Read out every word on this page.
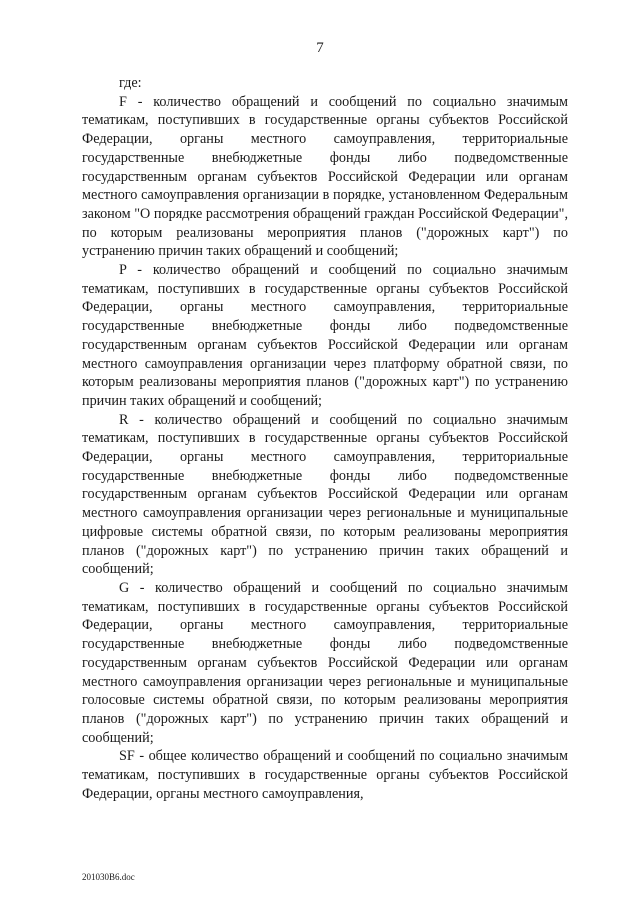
7

где:

F - количество обращений и сообщений по социально значимым тематикам, поступивших в государственные органы субъектов Российской Федерации, органы местного самоуправления, территориальные государственные внебюджетные фонды либо подведомственные государственным органам субъектов Российской Федерации или органам местного самоуправления организации в порядке, установленном Федеральным законом "О порядке рассмотрения обращений граждан Российской Федерации", по которым реализованы мероприятия планов ("дорожных карт") по устранению причин таких обращений и сообщений;

P - количество обращений и сообщений по социально значимым тематикам, поступивших в государственные органы субъектов Российской Федерации, органы местного самоуправления, территориальные государственные внебюджетные фонды либо подведомственные государственным органам субъектов Российской Федерации или органам местного самоуправления организации через платформу обратной связи, по которым реализованы мероприятия планов ("дорожных карт") по устранению причин таких обращений и сообщений;

R - количество обращений и сообщений по социально значимым тематикам, поступивших в государственные органы субъектов Российской Федерации, органы местного самоуправления, территориальные государственные внебюджетные фонды либо подведомственные государственным органам субъектов Российской Федерации или органам местного самоуправления организации через региональные и муниципальные цифровые системы обратной связи, по которым реализованы мероприятия планов ("дорожных карт") по устранению причин таких обращений и сообщений;

G - количество обращений и сообщений по социально значимым тематикам, поступивших в государственные органы субъектов Российской Федерации, органы местного самоуправления, территориальные государственные внебюджетные фонды либо подведомственные государственным органам субъектов Российской Федерации или органам местного самоуправления организации через региональные и муниципальные голосовые системы обратной связи, по которым реализованы мероприятия планов ("дорожных карт") по устранению причин таких обращений и сообщений;

SF - общее количество обращений и сообщений по социально значимым тематикам, поступивших в государственные органы субъектов Российской Федерации, органы местного самоуправления,

201030B6.doc
